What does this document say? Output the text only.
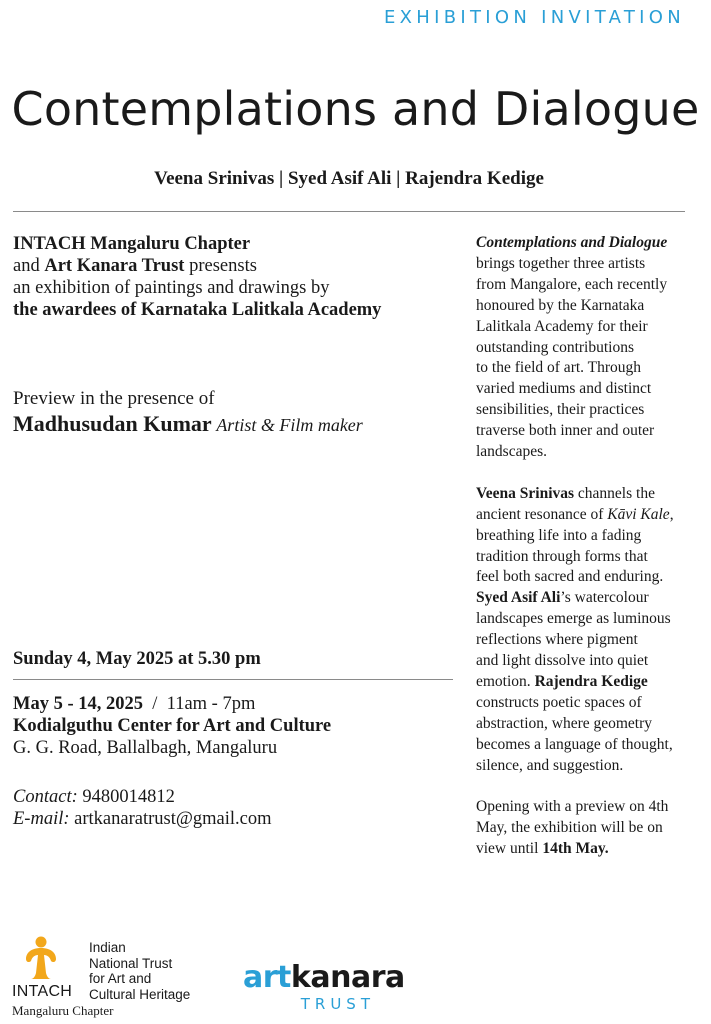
EXHIBITION INVITATION
Contemplations and Dialogue
Veena Srinivas | Syed Asif Ali | Rajendra Kedige
INTACH Mangaluru Chapter
and Art Kanara Trust presensts
an exhibition of paintings and drawings by
the awardees of Karnataka Lalitkala Academy
Preview in the presence of
Madhusudan Kumar Artist & Film maker
Sunday 4, May 2025 at 5.30 pm
May 5 - 14, 2025  /  11am - 7pm
Kodialguthu Center for Art and Culture
G. G. Road, Ballalbagh, Mangaluru
Contact: 9480014812
E-mail: artkanaratrust@gmail.com

Contemplations and Dialogue
brings together three artists
from Mangalore, each recently
honoured by the Karnataka
Lalitkala Academy for their
outstanding contributions
to the field of art. Through
varied mediums and distinct
sensibilities, their practices
traverse both inner and outer
landscapes.

Veena Srinivas channels the
ancient resonance of Kāvi Kale,
breathing life into a fading
tradition through forms that
feel both sacred and enduring.
Syed Asif Ali’s watercolour
landscapes emerge as luminous
reflections where pigment
and light dissolve into quiet
emotion. Rajendra Kedige
constructs poetic spaces of
abstraction, where geometry
becomes a language of thought,
silence, and suggestion.

Opening with a preview on 4th
May, the exhibition will be on
view until 14th May.

INTACH
Mangaluru Chapter
Indian
National Trust
for Art and
Cultural Heritage artkanara
TRUST
